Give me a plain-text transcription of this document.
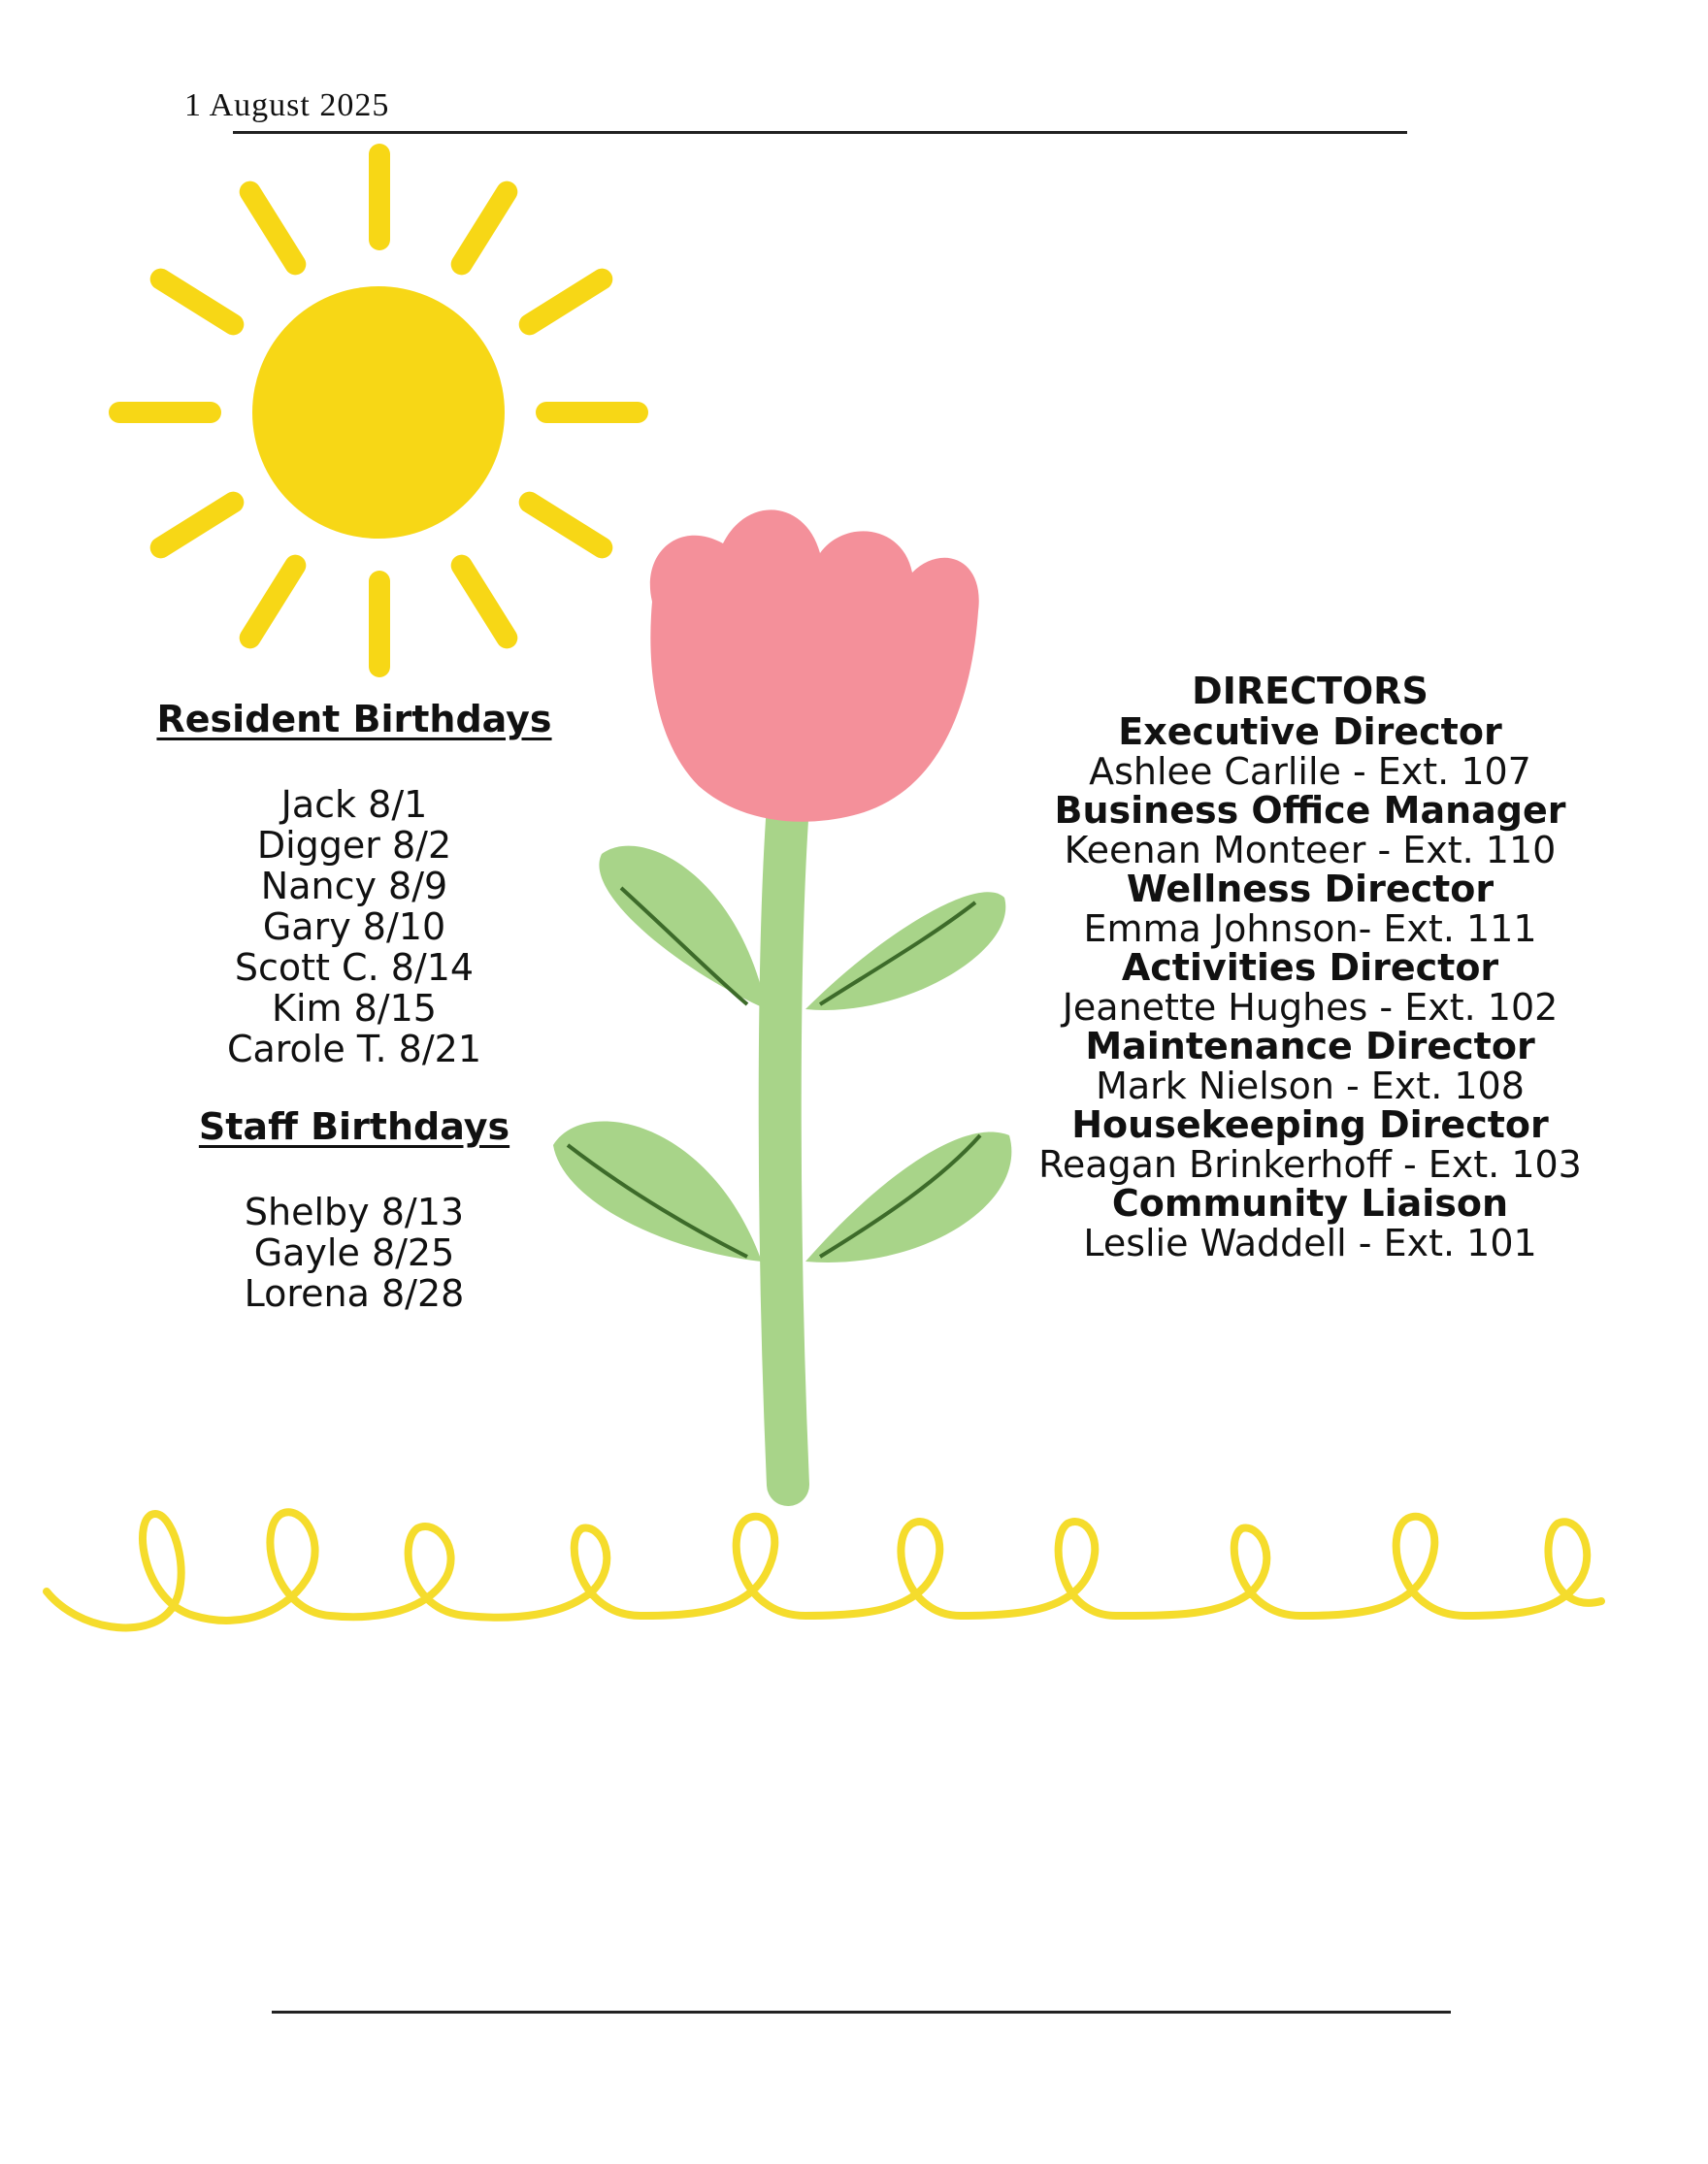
1 August 2025
Resident Birthdays
Jack 8/1
Digger 8/2
Nancy 8/9
Gary 8/10
Scott C. 8/14
Kim 8/15
Carole T. 8/21
Staff Birthdays
Shelby 8/13
Gayle 8/25
Lorena 8/28
DIRECTORS
Executive Director
Ashlee Carlile - Ext. 107
Business Office Manager
Keenan Monteer - Ext. 110
Wellness Director
Emma Johnson- Ext. 111
Activities Director
Jeanette Hughes - Ext. 102
Maintenance Director
Mark Nielson - Ext. 108
Housekeeping Director
Reagan Brinkerhoff - Ext. 103
Community Liaison
Leslie Waddell - Ext. 101
